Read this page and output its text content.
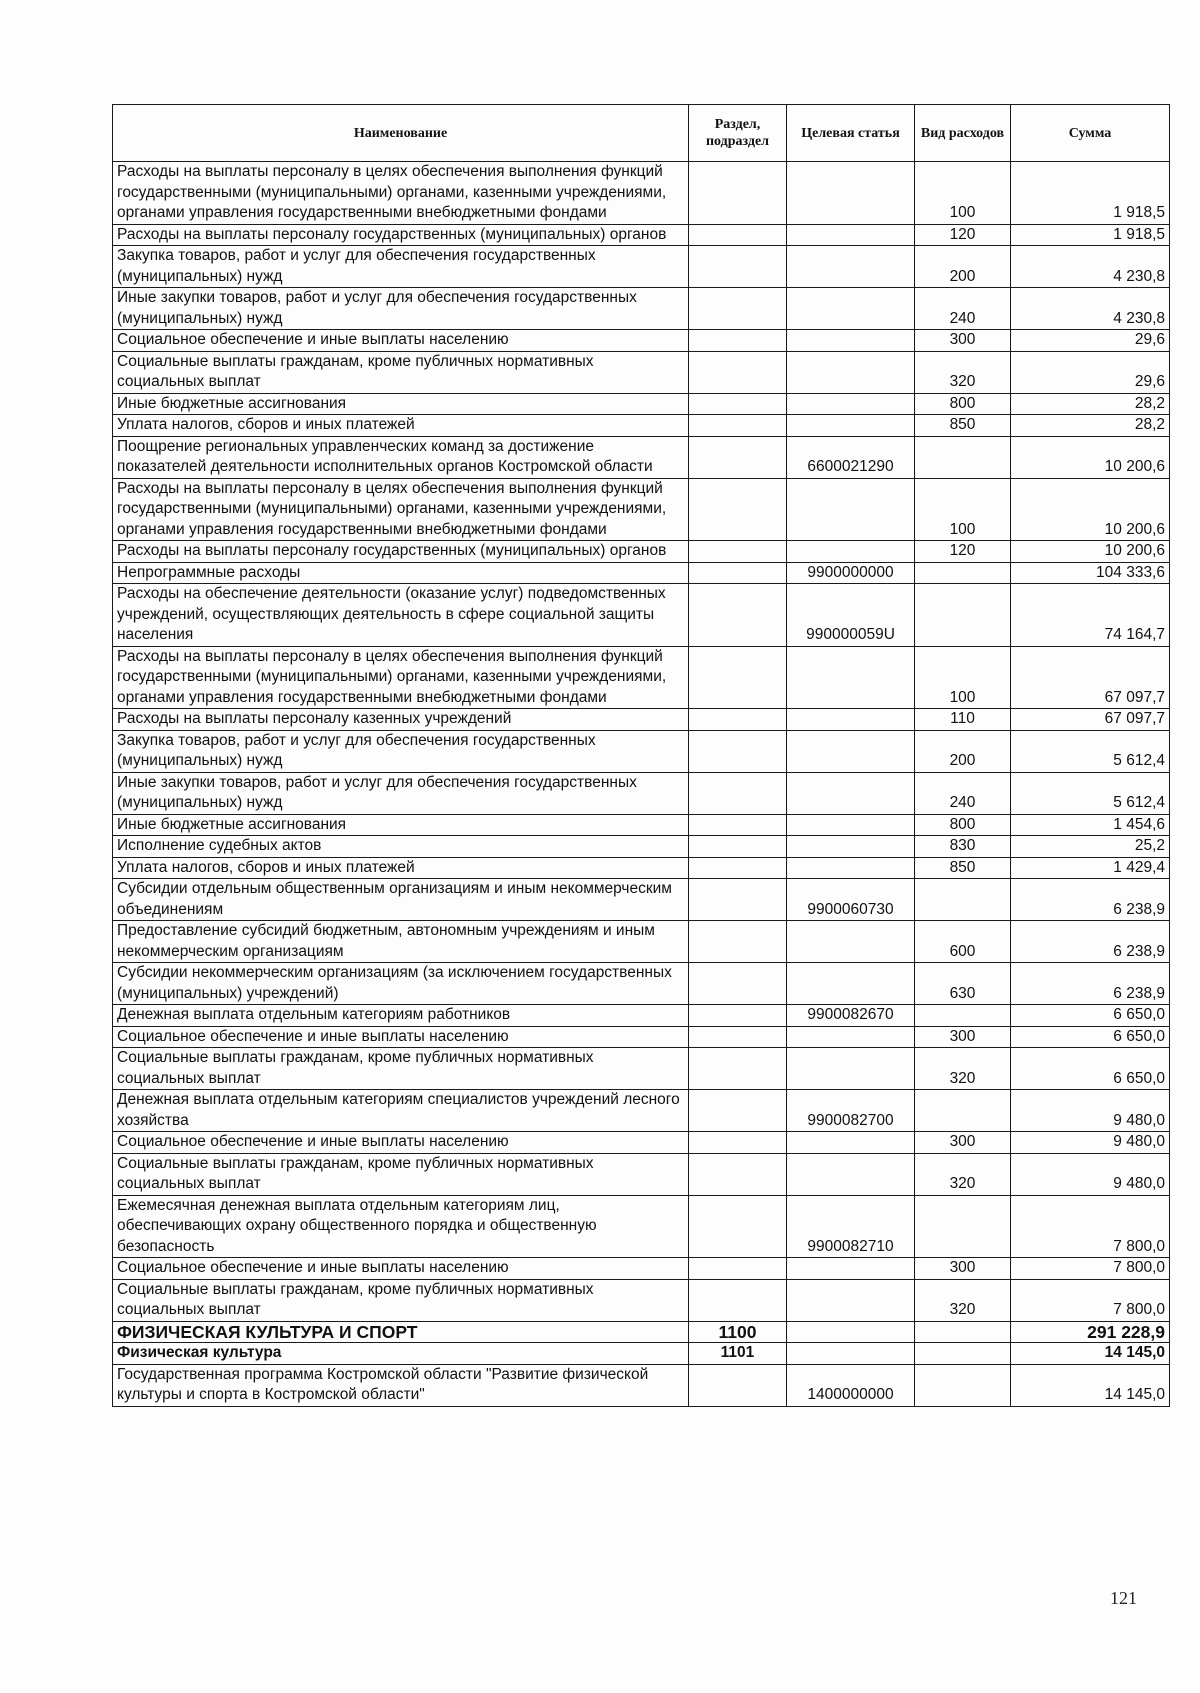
Наименование	Раздел, подраздел	Целевая статья	Вид расходов	Сумма
Расходы на выплаты персоналу в целях обеспечения выполнения функций государственными (муниципальными) органами, казенными учреждениями, органами управления государственными внебюджетными фондами			100	1 918,5
Расходы на выплаты персоналу государственных (муниципальных) органов			120	1 918,5
Закупка товаров, работ и услуг для обеспечения государственных (муниципальных) нужд			200	4 230,8
Иные закупки товаров, работ и услуг для обеспечения государственных (муниципальных) нужд			240	4 230,8
Социальное обеспечение и иные выплаты населению			300	29,6
Социальные выплаты гражданам, кроме публичных нормативных социальных выплат			320	29,6
Иные бюджетные ассигнования			800	28,2
Уплата налогов, сборов и иных платежей			850	28,2
Поощрение региональных управленческих команд за достижение показателей деятельности исполнительных органов Костромской области		6600021290		10 200,6
Расходы на выплаты персоналу в целях обеспечения выполнения функций государственными (муниципальными) органами, казенными учреждениями, органами управления государственными внебюджетными фондами			100	10 200,6
Расходы на выплаты персоналу государственных (муниципальных) органов			120	10 200,6
Непрограммные расходы		9900000000		104 333,6
Расходы на обеспечение деятельности (оказание услуг) подведомственных учреждений, осуществляющих деятельность в сфере социальной защиты населения		990000059U		74 164,7
Расходы на выплаты персоналу в целях обеспечения выполнения функций государственными (муниципальными) органами, казенными учреждениями, органами управления государственными внебюджетными фондами			100	67 097,7
Расходы на выплаты персоналу казенных учреждений			110	67 097,7
Закупка товаров, работ и услуг для обеспечения государственных (муниципальных) нужд			200	5 612,4
Иные закупки товаров, работ и услуг для обеспечения государственных (муниципальных) нужд			240	5 612,4
Иные бюджетные ассигнования			800	1 454,6
Исполнение судебных актов			830	25,2
Уплата налогов, сборов и иных платежей			850	1 429,4
Субсидии отдельным общественным организациям и иным некоммерческим объединениям		9900060730		6 238,9
Предоставление субсидий бюджетным, автономным учреждениям и иным некоммерческим организациям			600	6 238,9
Субсидии некоммерческим организациям (за исключением государственных (муниципальных) учреждений)			630	6 238,9
Денежная выплата отдельным категориям работников		9900082670		6 650,0
Социальное обеспечение и иные выплаты населению			300	6 650,0
Социальные выплаты гражданам, кроме публичных нормативных социальных выплат			320	6 650,0
Денежная выплата отдельным категориям специалистов учреждений лесного хозяйства		9900082700		9 480,0
Социальное обеспечение и иные выплаты населению			300	9 480,0
Социальные выплаты гражданам, кроме публичных нормативных социальных выплат			320	9 480,0
Ежемесячная денежная выплата отдельным категориям лиц, обеспечивающих охрану общественного порядка и общественную безопасность		9900082710		7 800,0
Социальное обеспечение и иные выплаты населению			300	7 800,0
Социальные выплаты гражданам, кроме публичных нормативных социальных выплат			320	7 800,0
ФИЗИЧЕСКАЯ КУЛЬТУРА И СПОРТ	1100			291 228,9
Физическая культура	1101			14 145,0
Государственная программа Костромской области "Развитие физической культуры и спорта в Костромской области"		1400000000		14 145,0
121
